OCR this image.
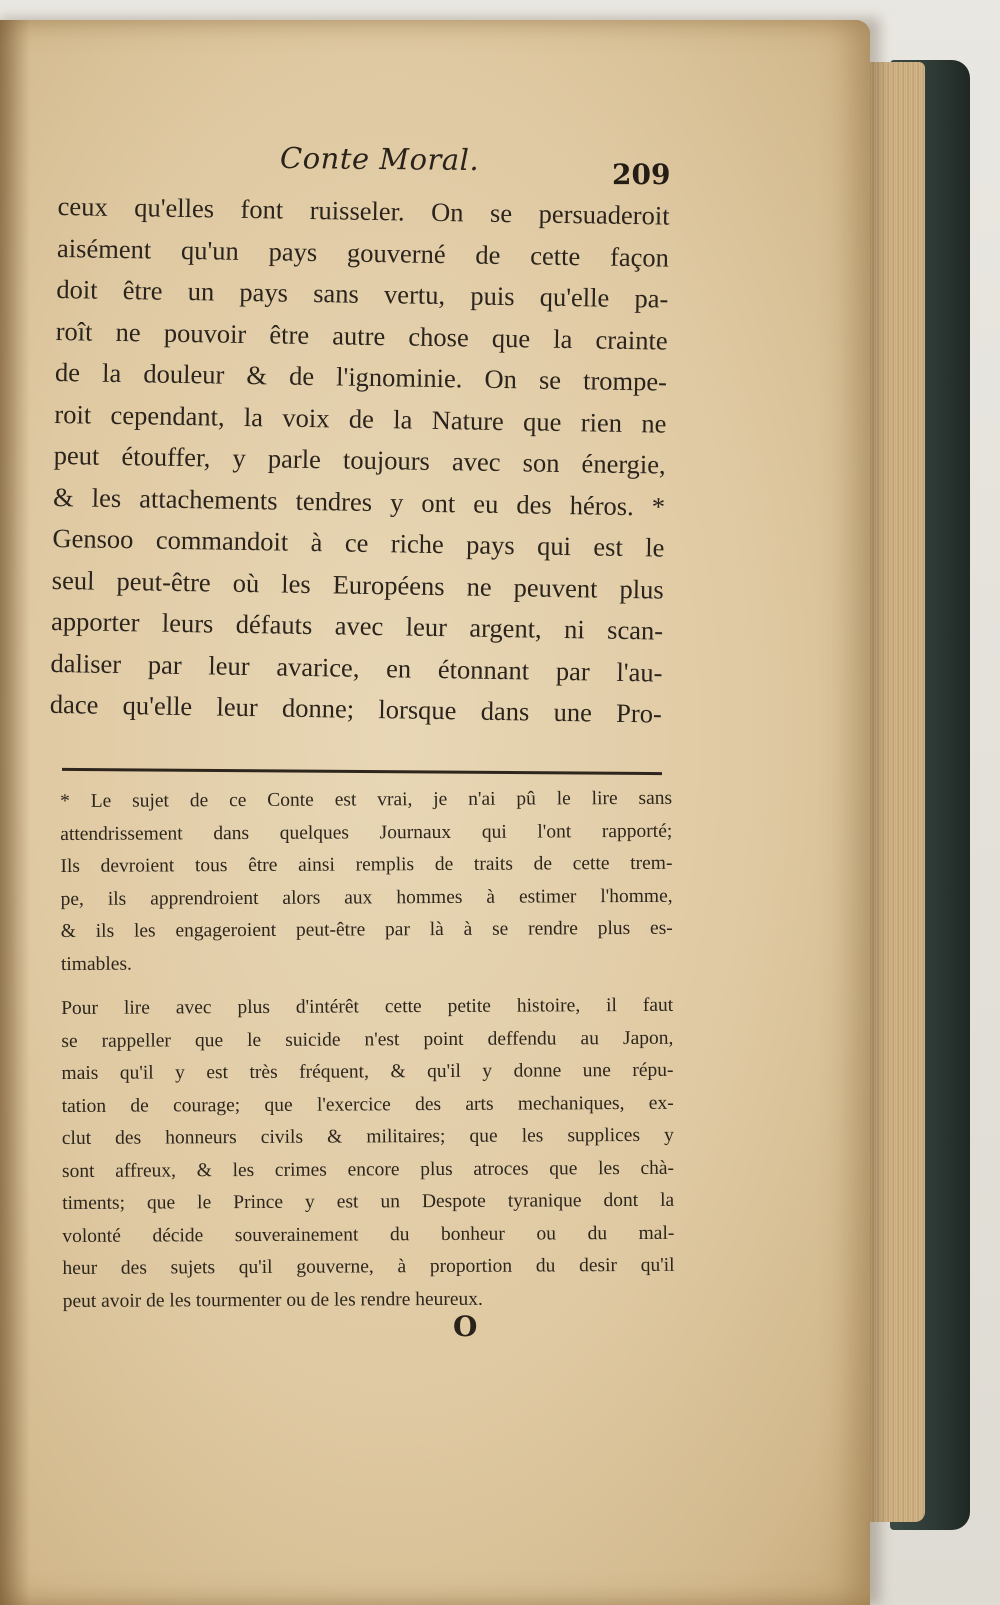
Conte Moral.	209
ceux qu'elles font ruisseler. On se persuaderoit
aisément qu'un pays gouverné de cette façon
doit être un pays sans vertu, puis qu'elle pa-
roît ne pouvoir être autre chose que la crainte
de la douleur & de l'ignominie. On se trompe-
roit cependant, la voix de la Nature que rien ne
peut étouffer, y parle toujours avec son énergie,
& les attachements tendres y ont eu des héros. *
Gensoo commandoit à ce riche pays qui est le
seul peut-être où les Européens ne peuvent plus
apporter leurs défauts avec leur argent, ni scan-
daliser par leur avarice, en étonnant par l'au-
dace qu'elle leur donne; lorsque dans une Pro-
* Le sujet de ce Conte est vrai, je n'ai pû le lire sans
attendrissement dans quelques Journaux qui l'ont rapporté;
Ils devroient tous être ainsi remplis de traits de cette trem-
pe, ils apprendroient alors aux hommes à estimer l'homme,
& ils les engageroient peut-être par là à se rendre plus es-
timables.
Pour lire avec plus d'intérêt cette petite histoire, il faut
se rappeller que le suicide n'est point deffendu au Japon,
mais qu'il y est très fréquent, & qu'il y donne une répu-
tation de courage; que l'exercice des arts mechaniques, ex-
clut des honneurs civils & militaires; que les supplices y
sont affreux, & les crimes encore plus atroces que les chà-
timents; que le Prince y est un Despote tyranique dont la
volonté décide souverainement du bonheur ou du mal-
heur des sujets qu'il gouverne, à proportion du desir qu'il
peut avoir de les tourmenter ou de les rendre heureux.
O
